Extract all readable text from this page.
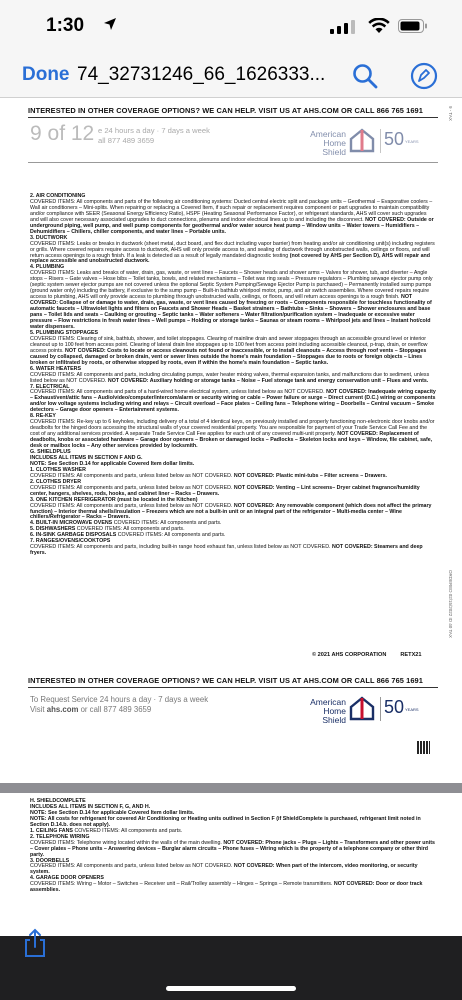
1:30
Done 74_32731246_66_1626333...
INTERESTED IN OTHER COVERAGE OPTIONS? WE CAN HELP. VISIT US AT AHS.COM OR CALL 866 765 1691	9 - TAX
9 of 12 e 24 hours a day · 7 days a week
all 877 489 3659
American
Home Shield
50 YEARS
2. AIR CONDITIONING
COVERED ITEMS: All components and parts of the following air conditioning systems: Ducted central electric split and package units – Geothermal – Evaporative coolers – Wall air conditioners – Mini-splits. When repairing or replacing a Covered Item, if such repair or replacement requires component or part upgrades to maintain compatibility and/or compliance with SEER (Seasonal Energy Efficiency Ratio), HSPF (Heating Seasonal Performance Factor), or refrigerant standards, AHS will cover such upgrades and will also cover necessary associated upgrades to duct connections, plenums and indoor electrical lines up to and including the disconnect. NOT COVERED: Outside or underground piping, well pump, and well pump components for geothermal and/or water source heat pump – Window units – Water towers – Humidifiers – Dehumidifiers – Chillers, chiller components, and water lines – Portable units.
3. DUCTWORK
COVERED ITEMS: Leaks or breaks in ductwork (sheet metal, duct board, and flex duct including vapor barrier) from heating and/or air conditioning unit(s) including registers or grills. Where covered repairs require access to ductwork, AHS will only provide access to, and sealing of ductwork through unobstructed walls, ceilings or floors, and will return access openings to a rough finish. If a leak is detected as a result of legally mandated diagnostic testing (not covered by AHS per Section D), AHS will repair and replace accessible and unobstructed ductwork.
4. PLUMBING
COVERED ITEMS: Leaks and breaks of water, drain, gas, waste, or vent lines – Faucets – Shower heads and shower arms – Valves for shower, tub, and diverter – Angle stops – Risers – Gate valves – Hose bibs – Toilet tanks, bowls, and related mechanisms – Toilet wax ring seals – Pressure regulators – Plumbing sewage ejector pump only (septic system sewer ejector pumps are not covered unless the optional Septic System Pumping/Sewage Ejector Pump is purchased) – Permanently installed sump pumps (ground water only) including the battery, if exclusive to the sump pump – Built-in bathtub whirlpool motor, pump, and air switch assemblies. Where covered repairs require access to plumbing, AHS will only provide access to plumbing through unobstructed walls, ceilings, or floors, and will return access openings to a rough finish. NOT COVERED: Collapse of or damage to water, drain, gas, waste, or vent lines caused by freezing or roots – Components responsible for touchless functionality of automatic faucets – Ultraviolet lights and filters on Faucets and Shower Heads – Basket strainers – Bathtubs – Sinks – Showers – Shower enclosures and base pans – Toilet lids and seats – Caulking or grouting – Septic tanks – Water softeners – Water filtration/purification system – Inadequate or excessive water pressure – Flow restrictions in fresh water lines – Well pumps – Holding or storage tanks – Saunas or steam rooms – Whirlpool jets and lines – Instant hot/cold water dispensers.
5. PLUMBING STOPPAGES
COVERED ITEMS: Clearing of sink, bathtub, shower, and toilet stoppages. Clearing of mainline drain and sewer stoppages through an accessible ground level or interior cleanout up to 100 feet from access point. Clearing of lateral drain line stoppages up to 100 feet from access point including accessible cleanout, p-trap, drain, or overflow access points. NOT COVERED: Costs to locate or access cleanouts not found or inaccessible, or to install cleanouts – Access through roof vents – Stoppages caused by collapsed, damaged or broken drain, vent or sewer lines outside the home's main foundation – Stoppages due to roots or foreign objects – Lines broken or infiltrated by roots, or otherwise stopped by roots, even if within the home's main foundation – Septic tanks.
6. WATER HEATERS
COVERED ITEMS: All components and parts, including circulating pumps, water heater mixing valves, thermal expansion tanks, and malfunctions due to sediment, unless listed below as NOT COVERED. NOT COVERED: Auxiliary holding or storage tanks – Noise – Fuel storage tank and energy conservation unit – Flues and vents.
7. ELECTRICAL
COVERED ITEMS: All components and parts of a hard-wired home electrical system, unless listed below as NOT COVERED. NOT COVERED: Inadequate wiring capacity – Exhaust/vent/attic fans – Audio/video/computer/intercom/alarm or security wiring or cable – Power failure or surge – Direct current (D.C.) wiring or components and/or low voltage systems including wiring and relays – Circuit overload – Face plates – Ceiling fans – Telephone wiring – Doorbells – Central vacuum – Smoke detectors – Garage door openers – Entertainment systems.
8. RE-KEY
COVERED ITEMS: Re-key up to 6 keyholes, including delivery of a total of 4 identical keys, on previously installed and properly functioning non-electronic door knobs and/or deadbolts for the hinged doors accessing the structural walls of your covered residential property. You are responsible for payment of your Trade Service Call Fee and the cost of any additional services provided. A separate Trade Service Call Fee applies for each unit of any covered multi-unit property. NOT COVERED: Replacement of deadbolts, knobs or associated hardware – Garage door openers – Broken or damaged locks – Padlocks – Skeleton locks and keys – Window, file cabinet, safe, desk or mailbox locks – Any other services provided by locksmith.
G. SHIELDPLUS
INCLUDES ALL ITEMS IN SECTION F AND G.
NOTE: See Section D.14 for applicable Covered Item dollar limits.
1. CLOTHES WASHER
COVERED ITEMS: All components and parts, unless listed below as NOT COVERED. NOT COVERED: Plastic mini-tubs – Filter screens – Drawers.
2. CLOTHES DRYER
COVERED ITEMS: All components and parts, unless listed below as NOT COVERED. NOT COVERED: Venting – Lint screens– Dryer cabinet fragrance/humidity center, hangers, shelves, rods, hooks, and cabinet liner – Racks – Drawers.
3. ONE KITCHEN REFRIGERATOR (must be located in the Kitchen)
COVERED ITEMS: All components and parts, unless listed below as NOT COVERED. NOT COVERED: Any removable component (which does not affect the primary function) – Interior thermal shells/insulation – Freezers which are not a built-in unit or an integral part of the refrigerator – Multi-media center – Wine chillers/Refrigerator – Racks – Drawers.
4. BUILT-IN MICROWAVE OVENS COVERED ITEMS: All components and parts.
5. DISHWASHERS COVERED ITEMS: All components and parts.
6. IN-SINK GARBAGE DISPOSALS COVERED ITEMS: All components and parts.
7. RANGES/OVENS/COOKTOPS
COVERED ITEMS: All components and parts, including built-in range hood exhaust fan, unless listed below as NOT COVERED. NOT COVERED: Steamers and deep fryers.
© 2021 AHS CORPORATION	RETX21
ORDERED 02/15/2022 ID 40 TAX
INTERESTED IN OTHER COVERAGE OPTIONS? WE CAN HELP. VISIT US AT AHS.COM OR CALL 866 765 1691
To Request Service 24 hours a day · 7 days a week
Visit ahs.com or call 877 489 3659
American
Home Shield
50 YEARS
H. SHIELDCOMPLETE
INCLUDES ALL ITEMS IN SECTION F, G, AND H.
NOTE: See Section D.14 for applicable Covered Item dollar limits.
NOTE: All costs for refrigerant for covered Air Conditioning or Heating units outlined in Section F (if ShieldComplete is purchased, refrigerant limit noted in Section D.14.b. does not apply).
1. CEILING FANS COVERED ITEMS: All components and parts.
2. TELEPHONE WIRING
COVERED ITEMS: Telephone wiring located within the walls of the main dwelling. NOT COVERED: Phone jacks – Plugs – Lights – Transformers and other power units – Cover plates – Phone units – Answering devices – Burglar alarm circuits – Phone fuses – Wiring which is the property of a telephone company or other third party.
3. DOORBELLS
COVERED ITEMS: All components and parts, unless listed below as NOT COVERED. NOT COVERED: When part of the intercom, video monitoring, or security system.
4. GARAGE DOOR OPENERS
COVERED ITEMS: Wiring – Motor – Switches – Receiver unit – Rail/Trolley assembly – Hinges – Springs – Remote transmitters. NOT COVERED: Door or door track assemblies.
